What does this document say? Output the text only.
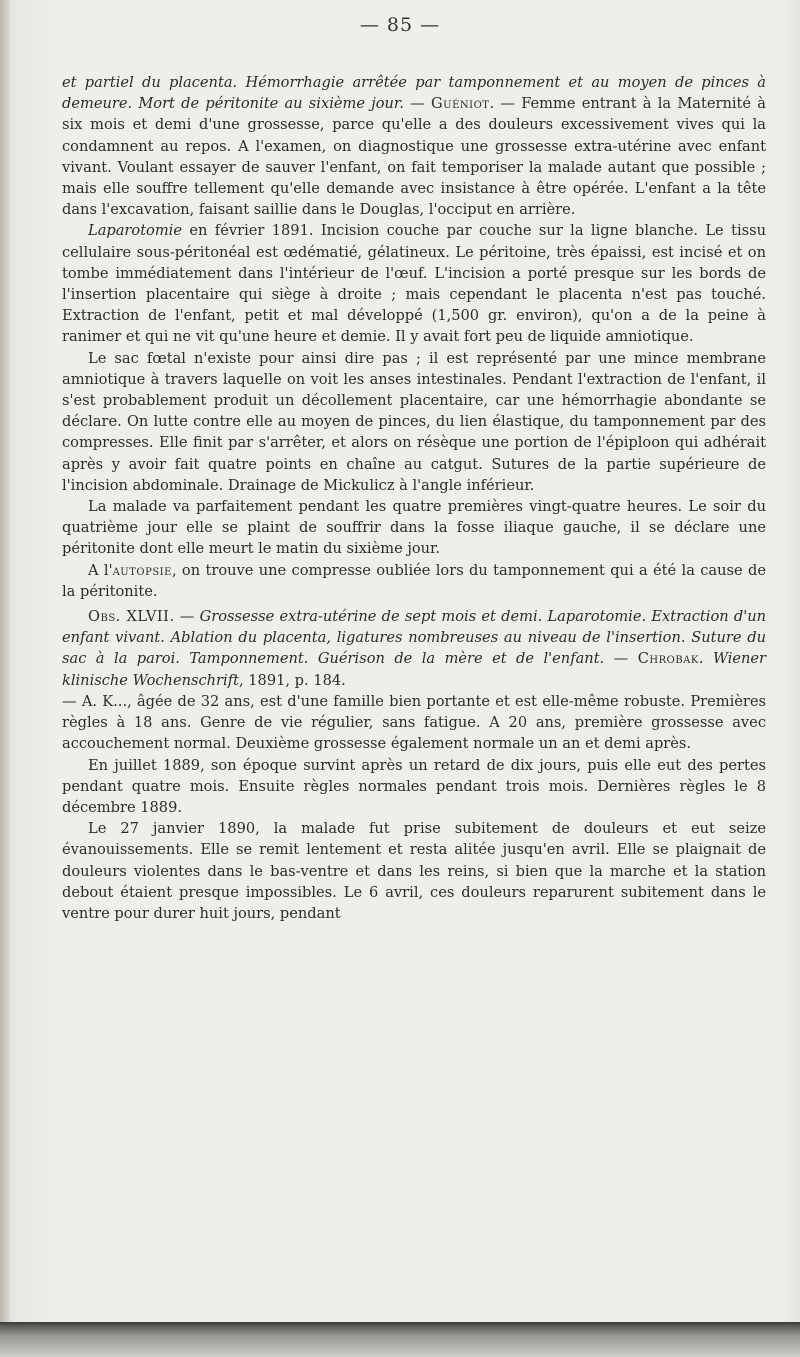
— 85 —

et partiel du placenta. Hémorrhagie arrêtée par tamponnement et au moyen de pinces à demeure. Mort de péritonite au sixième jour. — Guéniot. — Femme entrant à la Maternité à six mois et demi d'une grossesse, parce qu'elle a des douleurs excessivement vives qui la condamnent au repos. A l'examen, on diagnostique une grossesse extra-utérine avec enfant vivant. Voulant essayer de sauver l'enfant, on fait temporiser la malade autant que possible ; mais elle souffre tellement qu'elle demande avec insistance à être opérée. L'enfant a la tête dans l'excavation, faisant saillie dans le Douglas, l'occiput en arrière.

Laparotomie en février 1891. Incision couche par couche sur la ligne blanche. Le tissu cellulaire sous-péritonéal est œdématié, gélatineux. Le péritoine, très épaissi, est incisé et on tombe immédiatement dans l'intérieur de l'œuf. L'incision a porté presque sur les bords de l'insertion placentaire qui siège à droite ; mais cependant le placenta n'est pas touché. Extraction de l'enfant, petit et mal développé (1,500 gr. environ), qu'on a de la peine à ranimer et qui ne vit qu'une heure et demie. Il y avait fort peu de liquide amniotique.

Le sac fœtal n'existe pour ainsi dire pas ; il est représenté par une mince membrane amniotique à travers laquelle on voit les anses intestinales. Pendant l'extraction de l'enfant, il s'est probablement produit un décollement placentaire, car une hémorrhagie abondante se déclare. On lutte contre elle au moyen de pinces, du lien élastique, du tamponnement par des compresses. Elle finit par s'arrêter, et alors on résèque une portion de l'épiploon qui adhérait après y avoir fait quatre points en chaîne au catgut. Sutures de la partie supérieure de l'incision abdominale. Drainage de Mickulicz à l'angle inférieur.

La malade va parfaitement pendant les quatre premières vingt-quatre heures. Le soir du quatrième jour elle se plaint de souffrir dans la fosse iliaque gauche, il se déclare une péritonite dont elle meurt le matin du sixième jour.

A l'autopsie, on trouve une compresse oubliée lors du tamponnement qui a été la cause de la péritonite.

Obs. XLVII. — Grossesse extra-utérine de sept mois et demi. Laparotomie. Extraction d'un enfant vivant. Ablation du placenta, ligatures nombreuses au niveau de l'insertion. Suture du sac à la paroi. Tamponnement. Guérison de la mère et de l'enfant. — Chrobak. Wiener klinische Wochenschrift, 1891, p. 184.

— A. K..., âgée de 32 ans, est d'une famille bien portante et est elle-même robuste. Premières règles à 18 ans. Genre de vie régulier, sans fatigue. A 20 ans, première grossesse avec accouchement normal. Deuxième grossesse également normale un an et demi après.

En juillet 1889, son époque survint après un retard de dix jours, puis elle eut des pertes pendant quatre mois. Ensuite règles normales pendant trois mois. Dernières règles le 8 décembre 1889.

Le 27 janvier 1890, la malade fut prise subitement de douleurs et eut seize évanouissements. Elle se remit lentement et resta alitée jusqu'en avril. Elle se plaignait de douleurs violentes dans le bas-ventre et dans les reins, si bien que la marche et la station debout étaient presque impossibles. Le 6 avril, ces douleurs reparurent subitement dans le ventre pour durer huit jours, pendant
